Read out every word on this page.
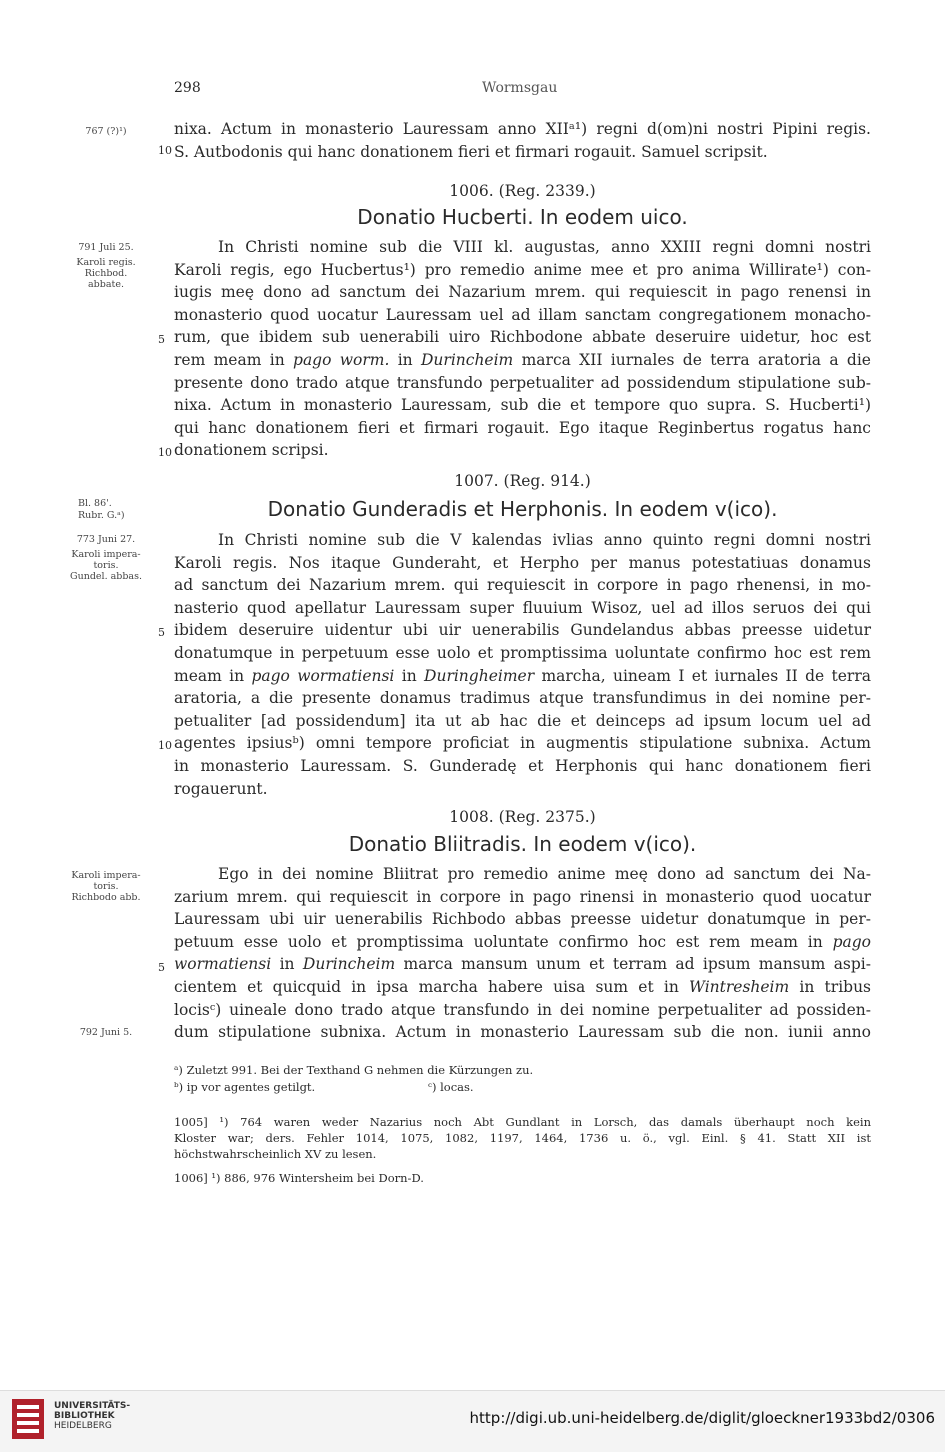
298	Wormsgau
767 (?)¹)	nixa. Actum in monasterio Lauressam anno XIIᵃ¹) regni d(om)ni nostri Pipini regis.
S. Autbodonis qui hanc donationem fieri et firmari rogauit. Samuel scripsit.
10
1006. (Reg. 2339.)
Donatio Hucberti. In eodem uico.
791 Juli 25.
Karoli regis.
Richbod.
abbate.
In Christi nomine sub die VIII kl. augustas, anno XXIII regni domni nostri
Karoli regis, ego Hucbertus¹) pro remedio anime mee et pro anima Willirate¹) con-
iugis meę dono ad sanctum dei Nazarium mrem. qui requiescit in pago renensi in
monasterio quod uocatur Lauressam uel ad illam sanctam congregationem monacho-
rum, que ibidem sub uenerabili uiro Richbodone abbate deseruire uidetur, hoc est
rem meam in pago worm. in Durincheim marca XII iurnales de terra aratoria a die
presente dono trado atque transfundo perpetualiter ad possidendum stipulatione sub-
nixa. Actum in monasterio Lauressam, sub die et tempore quo supra. S. Hucberti¹)
qui hanc donationem fieri et firmari rogauit. Ego itaque Reginbertus rogatus hanc
donationem scripsi.
5
10
1007. (Reg. 914.)
Donatio Gunderadis et Herphonis. In eodem v(ico).
Bl. 86'.
Rubr. G.ᵃ)
773 Juni 27.
Karoli impera-
toris.
Gundel. abbas.
In Christi nomine sub die V kalendas ivlias anno quinto regni domni nostri
Karoli regis. Nos itaque Gunderaht, et Herpho per manus potestatiuas donamus
ad sanctum dei Nazarium mrem. qui requiescit in corpore in pago rhenensi, in mo-
nasterio quod apellatur Lauressam super fluuium Wisoz, uel ad illos seruos dei qui
ibidem deseruire uidentur ubi uir uenerabilis Gundelandus abbas preesse uidetur
donatumque in perpetuum esse uolo et promptissima uoluntate confirmo hoc est rem
meam in pago wormatiensi in Duringheimer marcha, uineam I et iurnales II de terra
aratoria, a die presente donamus tradimus atque transfundimus in dei nomine per-
petualiter [ad possidendum] ita ut ab hac die et deinceps ad ipsum locum uel ad
agentes ipsiusᵇ) omni tempore proficiat in augmentis stipulatione subnixa. Actum
in monasterio Lauressam. S. Gunderadę et Herphonis qui hanc donationem fieri
rogauerunt.
5
10
1008. (Reg. 2375.)
Donatio Bliitradis. In eodem v(ico).
Karoli impera-
toris.
Richbodo abb.
792 Juni 5.
Ego in dei nomine Bliitrat pro remedio anime meę dono ad sanctum dei Na-
zarium mrem. qui requiescit in corpore in pago rinensi in monasterio quod uocatur
Lauressam ubi uir uenerabilis Richbodo abbas preesse uidetur donatumque in per-
petuum esse uolo et promptissima uoluntate confirmo hoc est rem meam in pago
wormatiensi in Durincheim marca mansum unum et terram ad ipsum mansum aspi-
cientem et quicquid in ipsa marcha habere uisa sum et in Wintresheim in tribus
locisᶜ) uineale dono trado atque transfundo in dei nomine perpetualiter ad possiden-
dum stipulatione subnixa. Actum in monasterio Lauressam sub die non. iunii anno
5
ᵃ) Zuletzt 991. Bei der Texthand G nehmen die Kürzungen zu.
ᵇ) ip vor agentes getilgt.	ᶜ) locas.
1005] ¹) 764 waren weder Nazarius noch Abt Gundlant in Lorsch, das damals überhaupt noch kein
Kloster war; ders. Fehler 1014, 1075, 1082, 1197, 1464, 1736 u. ö., vgl. Einl. § 41. Statt XII ist
höchstwahrscheinlich XV zu lesen.
1006] ¹) 886, 976 Wintersheim bei Dorn-D.
UNIVERSITÄTS-
BIBLIOTHEK
HEIDELBERG	http://digi.ub.uni-heidelberg.de/diglit/gloeckner1933bd2/0306
